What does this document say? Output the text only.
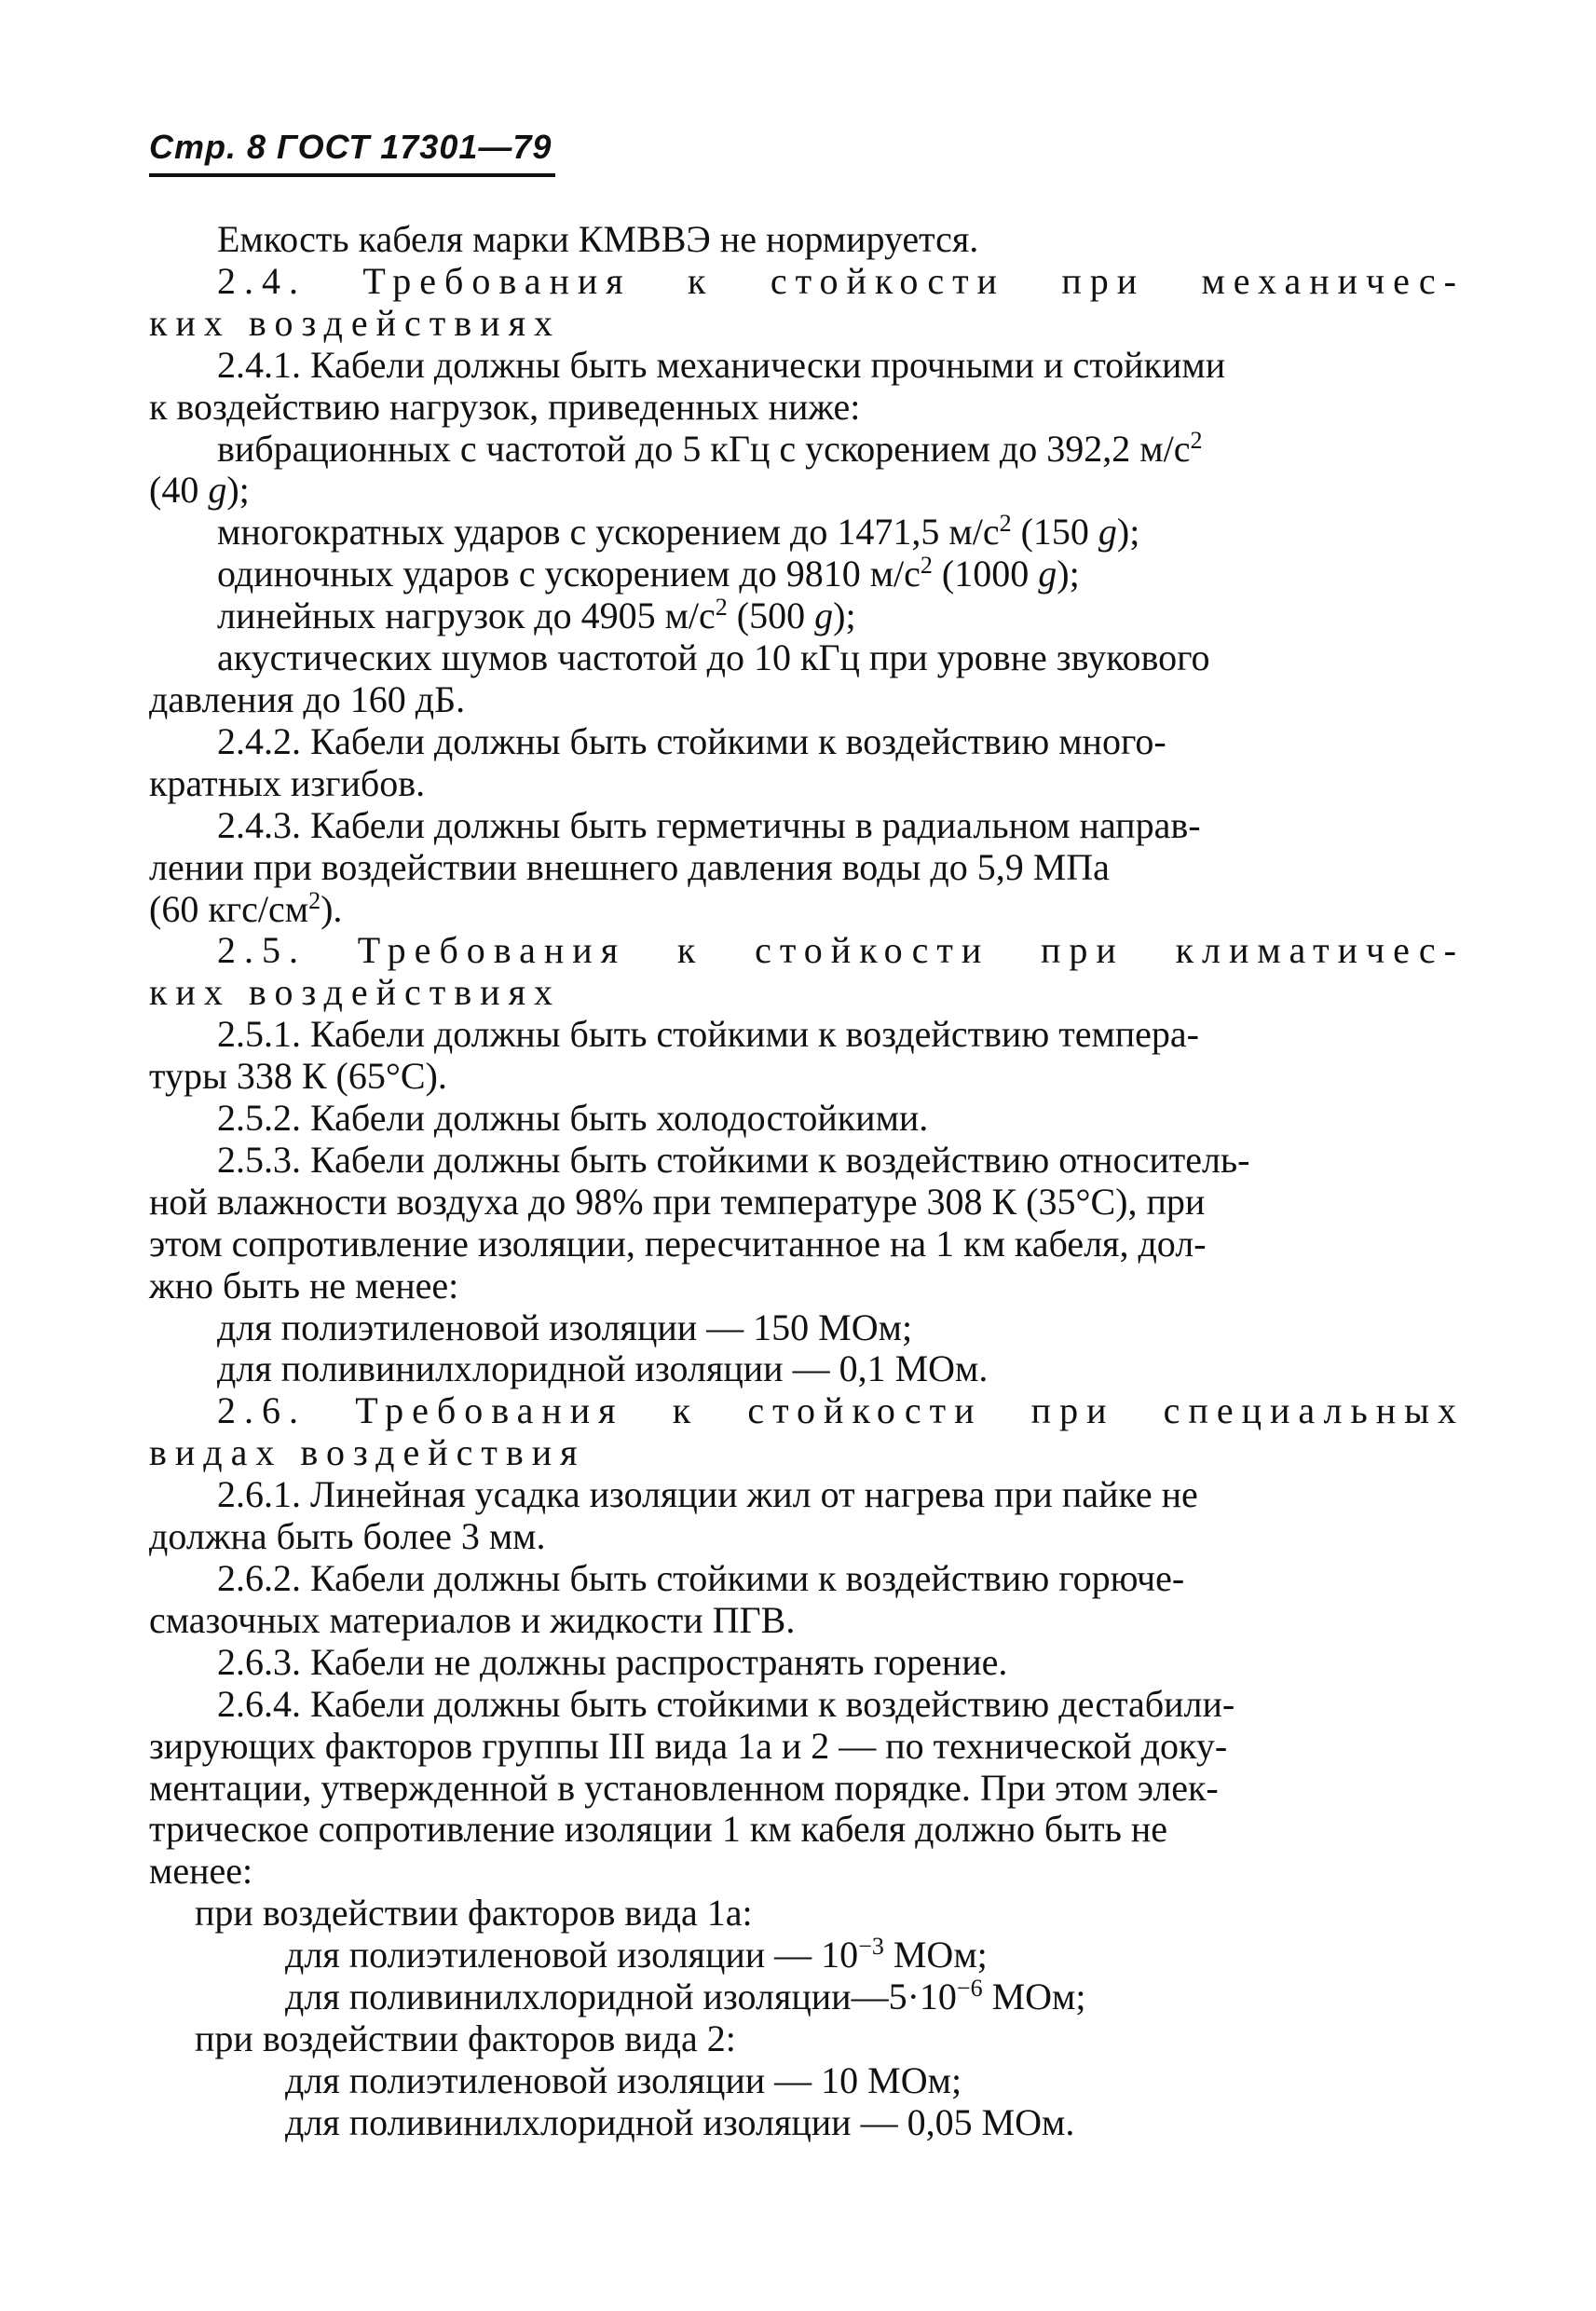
Стр. 8 ГОСТ 17301—79

Емкость кабеля марки КМВВЭ не нормируется.

2.4. Требования к стойкости при механичес-

ких воздействиях

2.4.1. Кабели должны быть механически прочными и стойкими

к воздействию нагрузок, приведенных ниже:

вибрационных с частотой до 5 кГц с ускорением до 392,2 $м/с^2$

(40 g);

многократных ударов с ускорением до 1471,5 $м/с^2$ (150 g);

одиночных ударов с ускорением до 9810 $м/с^2$ (1000 g);

линейных нагрузок до 4905 $м/с^2$ (500 g);

акустических шумов частотой до 10 кГц при уровне звукового

давления до 160 дБ.

2.4.2. Кабели должны быть стойкими к воздействию много-

кратных изгибов.

2.4.3. Кабели должны быть герметичны в радиальном направ-

лении при воздействии внешнего давления воды до 5,9 МПа

(60 кгс/$см^2$).

2.5. Требования к стойкости при климатичес-

ких воздействиях

2.5.1. Кабели должны быть стойкими к воздействию темпера-

туры 338 К (65°С).

2.5.2. Кабели должны быть холодостойкими.

2.5.3. Кабели должны быть стойкими к воздействию относитель-

ной влажности воздуха до 98% при температуре 308 К (35°С), при

этом сопротивление изоляции, пересчитанное на 1 км кабеля, дол-

жно быть не менее:

для полиэтиленовой изоляции — 150 МОм;

для поливинилхлоридной изоляции — 0,1 МОм.

2.6. Требования к стойкости при специальных

видах воздействия

2.6.1. Линейная усадка изоляции жил от нагрева при пайке не

должна быть более 3 мм.

2.6.2. Кабели должны быть стойкими к воздействию горюче-

смазочных материалов и жидкости ПГВ.

2.6.3. Кабели не должны распространять горение.

2.6.4. Кабели должны быть стойкими к воздействию дестабили-

зирующих факторов группы III вида 1а и 2 — по технической доку-

ментации, утвержденной в установленном порядке. При этом элек-

трическое сопротивление изоляции 1 км кабеля должно быть не

менее:

при воздействии факторов вида 1а:

для полиэтиленовой изоляции — $10^{-3}$ МОм;

для поливинилхлоридной $изоляции—5\cdot 10^{-6}$ МОм;

при воздействии факторов вида 2:

для полиэтиленовой изоляции — 10 МОм;

для поливинилхлоридной изоляции — 0,05 МОм.
